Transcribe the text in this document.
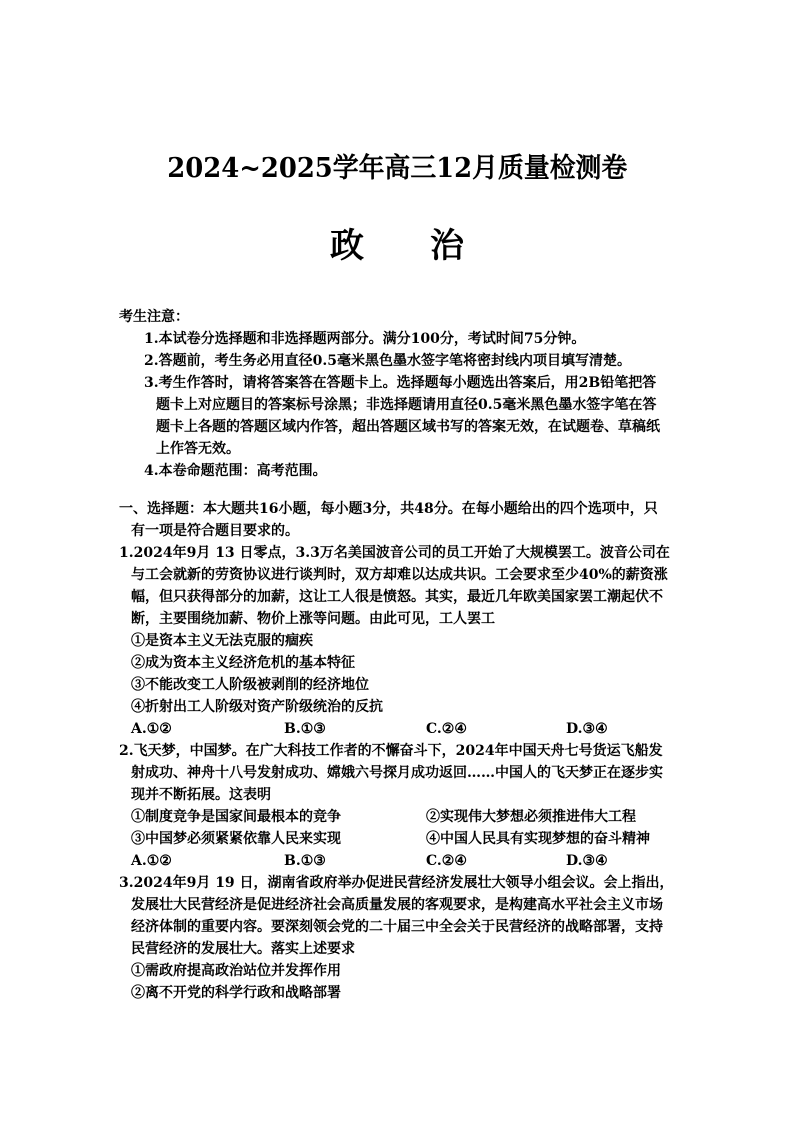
2024~2025学年高三12月质量检测卷
政 治
考生注意：
1.本试卷分选择题和非选择题两部分。满分100分，考试时间75分钟。
2.答题前，考生务必用直径0.5毫米黑色墨水签字笔将密封线内项目填写清楚。
3.考生作答时，请将答案答在答题卡上。选择题每小题选出答案后，用2B铅笔把答
题卡上对应题目的答案标号涂黑；非选择题请用直径0.5毫米黑色墨水签字笔在答
题卡上各题的答题区域内作答，超出答题区域书写的答案无效，在试题卷、草稿纸
上作答无效。
4.本卷命题范围：高考范围。
一、选择题：本大题共16小题，每小题3分，共48分。在每小题给出的四个选项中，只
有一项是符合题目要求的。
1.2024年9月 13 日零点，3.3万名美国波音公司的员工开始了大规模罢工。波音公司在
与工会就新的劳资协议进行谈判时，双方却难以达成共识。工会要求至少40%的薪资涨
幅，但只获得部分的加薪，这让工人很是愤怒。其实，最近几年欧美国家罢工潮起伏不
断，主要围绕加薪、物价上涨等问题。由此可见，工人罢工
①是资本主义无法克服的痼疾
②成为资本主义经济危机的基本特征
③不能改变工人阶级被剥削的经济地位
④折射出工人阶级对资产阶级统治的反抗
A.①②	B.①③	C.②④	D.③④
2.飞天梦，中国梦。在广大科技工作者的不懈奋斗下，2024年中国天舟七号货运飞船发
射成功、神舟十八号发射成功、嫦娥六号探月成功返回……中国人的飞天梦正在逐步实
现并不断拓展。这表明
①制度竞争是国家间最根本的竞争	②实现伟大梦想必须推进伟大工程
③中国梦必须紧紧依靠人民来实现	④中国人民具有实现梦想的奋斗精神
A.①②	B.①③	C.②④	D.③④
3.2024年9月 19 日，湖南省政府举办促进民营经济发展壮大领导小组会议。会上指出，
发展壮大民营经济是促进经济社会高质量发展的客观要求，是构建高水平社会主义市场
经济体制的重要内容。要深刻领会党的二十届三中全会关于民营经济的战略部署，支持
民营经济的发展壮大。落实上述要求
①需政府提高政治站位并发挥作用
②离不开党的科学行政和战略部署
